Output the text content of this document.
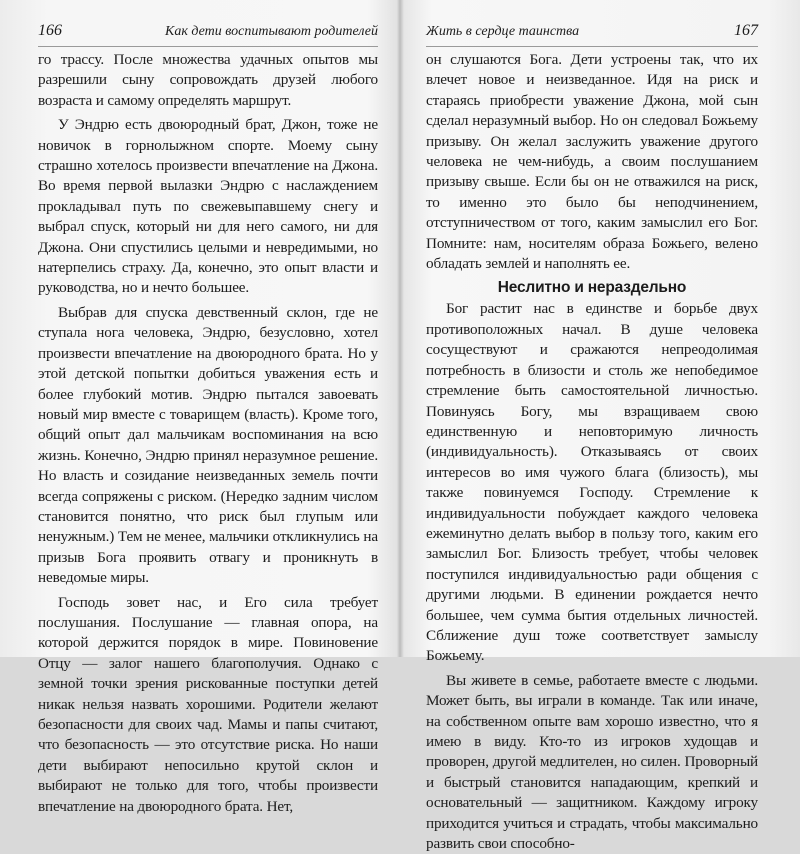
166	Как дети воспитывают родителей

го трассу. После множества удачных опытов мы разрешили сыну сопровождать друзей любого возраста и самому определять маршрут.

У Эндрю есть двоюродный брат, Джон, тоже не новичок в горнолыжном спорте. Моему сыну страшно хотелось произвести впечатление на Джона. Во время первой вылазки Эндрю с наслаждением прокладывал путь по свежевыпавшему снегу и выбрал спуск, который ни для него самого, ни для Джона. Они спустились целыми и невредимыми, но натерпелись страху. Да, конечно, это опыт власти и руководства, но и нечто большее.

Выбрав для спуска девственный склон, где не ступала нога человека, Эндрю, безусловно, хотел произвести впечатление на двоюродного брата. Но у этой детской попытки добиться уважения есть и более глубокий мотив. Эндрю пытался завоевать новый мир вместе с товарищем (власть). Кроме того, общий опыт дал мальчикам воспоминания на всю жизнь. Конечно, Эндрю принял неразумное решение. Но власть и созидание неизведанных земель почти всегда сопряжены с риском. (Нередко задним числом становится понятно, что риск был глупым или ненужным.) Тем не менее, мальчики откликнулись на призыв Бога проявить отвагу и проникнуть в неведомые миры.

Господь зовет нас, и Его сила требует послушания. Послушание — главная опора, на которой держится порядок в мире. Повиновение Отцу — залог нашего благополучия. Однако с земной точки зрения рискованные поступки детей никак нельзя назвать хорошими. Родители желают безопасности для своих чад. Мамы и папы считают, что безопасность — это отсутствие риска. Но наши дети выбирают непосильно крутой склон и выбирают не только для того, чтобы произвести впечатление на двоюродного брата. Нет,

Жить в сердце таинства	167

он слушаются Бога. Дети устроены так, что их влечет новое и неизведанное. Идя на риск и стараясь приобрести уважение Джона, мой сын сделал неразумный выбор. Но он следовал Божьему призыву. Он желал заслужить уважение другого человека не чем-нибудь, а своим послушанием призыву свыше. Если бы он не отважился на риск, то именно это было бы неподчинением, отступничеством от того, каким замыслил его Бог. Помните: нам, носителям образа Божьего, велено обладать землей и наполнять ее.

Неслитно и нераздельно

Бог растит нас в единстве и борьбе двух противоположных начал. В душе человека сосуществуют и сражаются непреодолимая потребность в близости и столь же непобедимое стремление быть самостоятельной личностью. Повинуясь Богу, мы взращиваем свою единственную и неповторимую личность (индивидуальность). Отказываясь от своих интересов во имя чужого блага (близость), мы также повинуемся Господу. Стремление к индивидуальности побуждает каждого человека ежеминутно делать выбор в пользу того, каким его замыслил Бог. Близость требует, чтобы человек поступился индивидуальностью ради общения с другими людьми. В единении рождается нечто большее, чем сумма бытия отдельных личностей. Сближение душ тоже соответствует замыслу Божьему.

Вы живете в семье, работаете вместе с людьми. Может быть, вы играли в команде. Так или иначе, на собственном опыте вам хорошо известно, что я имею в виду. Кто-то из игроков худощав и проворен, другой медлителен, но силен. Проворный и быстрый становится нападающим, крепкий и основательный — защитником. Каждому игроку приходится учиться и страдать, чтобы максимально развить свои способно-
